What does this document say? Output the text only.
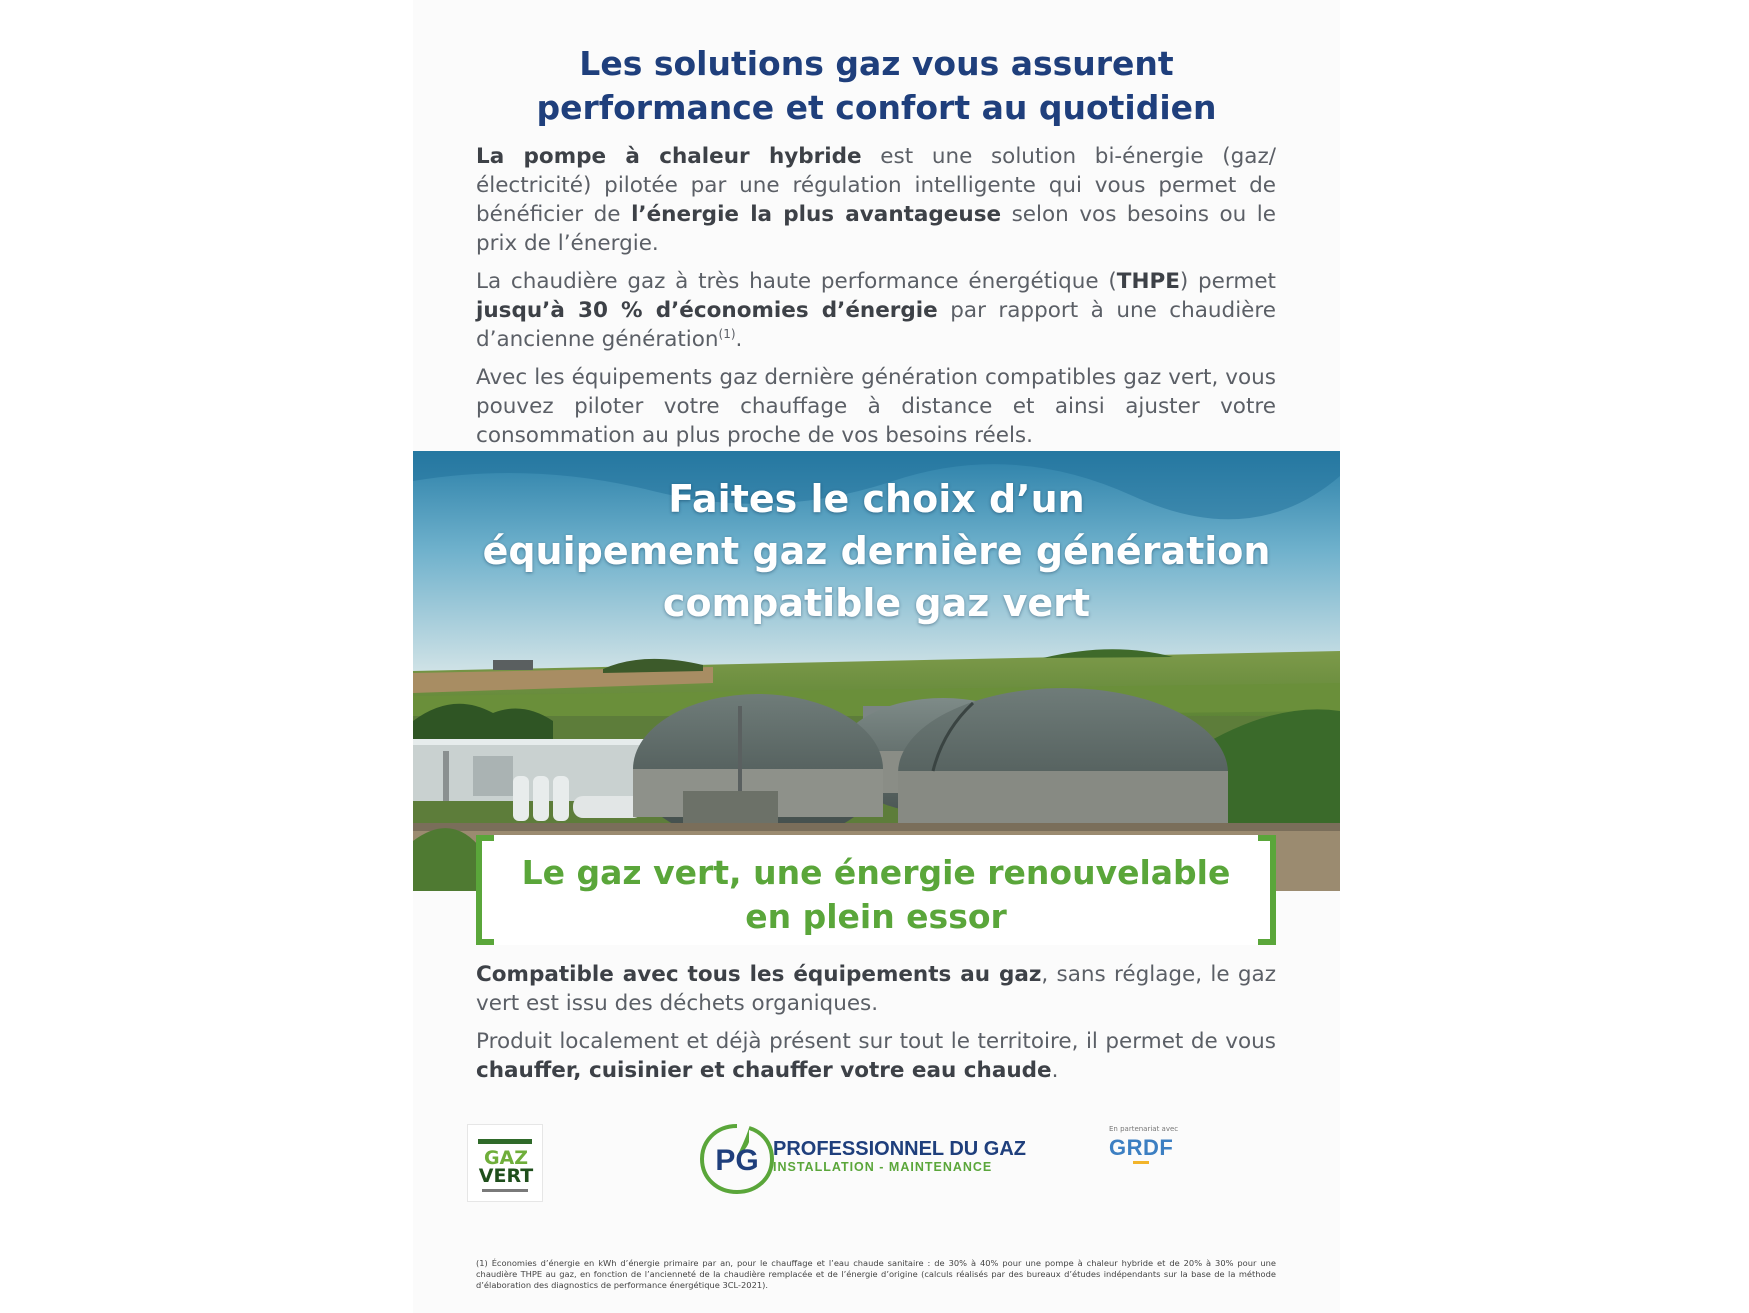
Les solutions gaz vous assurent
performance et confort au quotidien

La pompe à chaleur hybride est une solution bi-énergie (gaz/électricité) pilotée par une régulation intelligente qui vous permet de bénéficier de l’énergie la plus avantageuse selon vos besoins ou le prix de l’énergie.

La chaudière gaz à très haute performance énergétique (THPE) permet jusqu’à 30 % d’économies d’énergie par rapport à une chaudière d’ancienne génération$^{(1)}$.

Avec les équipements gaz dernière génération compatibles gaz vert, vous pouvez piloter votre chauffage à distance et ainsi ajuster votre consommation au plus proche de vos besoins réels.

Faites le choix d’un
équipement gaz dernière génération
compatible gaz vert
Le gaz vert, une énergie renouvelable
en plein essor

Compatible avec tous les équipements au gaz, sans réglage, le gaz vert est issu des déchets organiques.

Produit localement et déjà présent sur tout le territoire, il permet de vous chauffer, cuisinier et chauffer votre eau chaude.

GAZ
VERT	PG PROFESSIONNEL DU GAZ

INSTALLATION - MAINTENANCE

En partenariat avec

GRDF

(1) Économies d’énergie en kWh d’énergie primaire par an, pour le chauffage et l’eau chaude sanitaire : de 30% à 40% pour une pompe à chaleur hybride et de 20% à 30% pour une chaudière THPE au gaz, en fonction de l’ancienneté de la chaudière remplacée et de l’énergie d’origine (calculs réalisés par des bureaux d’études indépendants sur la base de la méthode d’élaboration des diagnostics de performance énergétique 3CL-2021).
